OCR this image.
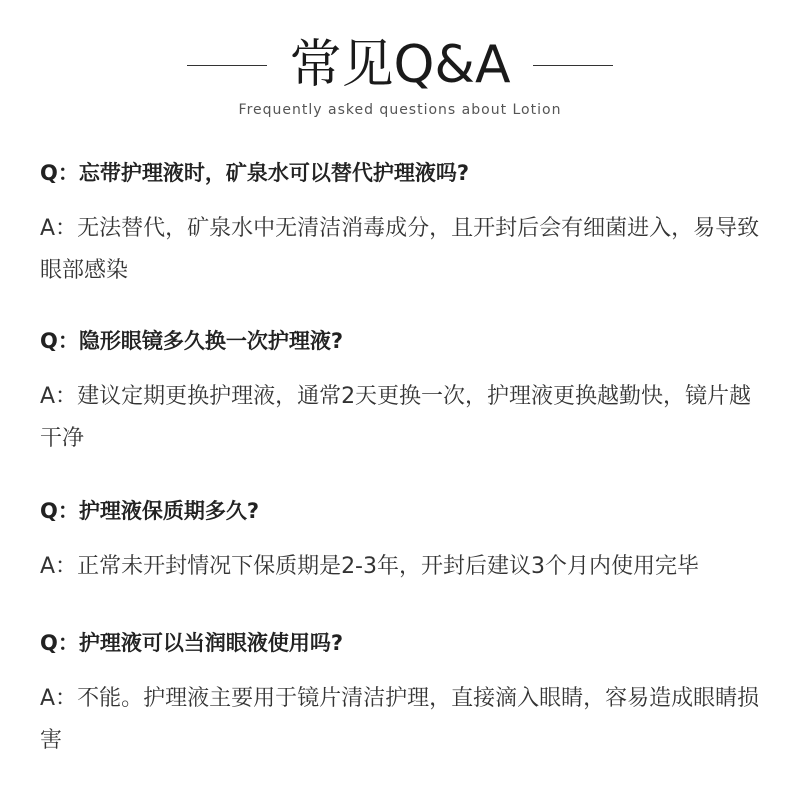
常见Q&A
Frequently asked questions about Lotion

Q：忘带护理液时，矿泉水可以替代护理液吗?

A：无法替代，矿泉水中无清洁消毒成分，且开封后会有细菌进入，易导致眼部感染

Q：隐形眼镜多久换一次护理液?

A：建议定期更换护理液，通常2天更换一次，护理液更换越勤快，镜片越干净

Q：护理液保质期多久?

A：正常未开封情况下保质期是2-3年，开封后建议3个月内使用完毕

Q：护理液可以当润眼液使用吗?

A：不能。护理液主要用于镜片清洁护理，直接滴入眼睛，容易造成眼睛损害
